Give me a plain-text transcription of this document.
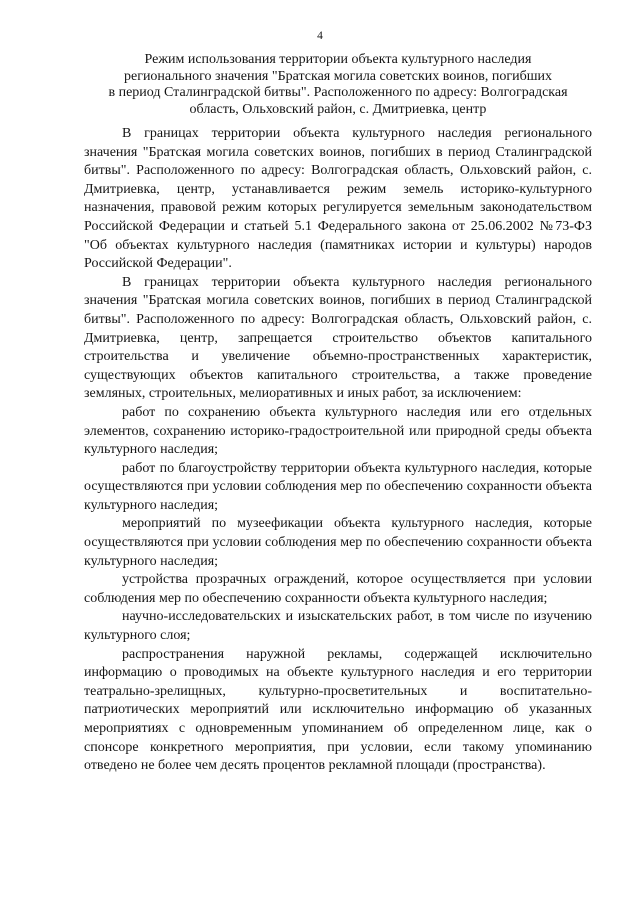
4
Режим использования территории объекта культурного наследия
регионального значения "Братская могила советских воинов, погибших
в период Сталинградской битвы". Расположенного по адресу: Волгоградская
область, Ольховский район, с. Дмитриевка, центр

В границах территории объекта культурного наследия регионального значения "Братская могила советских воинов, погибших в период Сталинградской битвы". Расположенного по адресу: Волгоградская область, Ольховский район, с. Дмитриевка, центр, устанавливается режим земель историко-культурного назначения, правовой режим которых регулируется земельным законодательством Российской Федерации и статьей 5.1 Федерального закона от 25.06.2002 №73-ФЗ "Об объектах культурного наследия (памятниках истории и культуры) народов Российской Федерации".

В границах территории объекта культурного наследия регионального значения "Братская могила советских воинов, погибших в период Сталинградской битвы". Расположенного по адресу: Волгоградская область, Ольховский район, с. Дмитриевка, центр, запрещается строительство объектов капитального строительства и увеличение объемно-пространственных характеристик, существующих объектов капитального строительства, а также проведение земляных, строительных, мелиоративных и иных работ, за исключением:

работ по сохранению объекта культурного наследия или его отдельных элементов, сохранению историко-градостроительной или природной среды объекта культурного наследия;

работ по благоустройству территории объекта культурного наследия, которые осуществляются при условии соблюдения мер по обеспечению сохранности объекта культурного наследия;

мероприятий по музеефикации объекта культурного наследия, которые осуществляются при условии соблюдения мер по обеспечению сохранности объекта культурного наследия;

устройства прозрачных ограждений, которое осуществляется при условии соблюдения мер по обеспечению сохранности объекта культурного наследия;

научно-исследовательских и изыскательских работ, в том числе по изучению культурного слоя;

распространения наружной рекламы, содержащей исключительно информацию о проводимых на объекте культурного наследия и его территории театрально-зрелищных, культурно-просветительных и воспитательно-патриотических мероприятий или исключительно информацию об указанных мероприятиях с одновременным упоминанием об определенном лице, как о спонсоре конкретного мероприятия, при условии, если такому упоминанию отведено не более чем десять процентов рекламной площади (пространства).
